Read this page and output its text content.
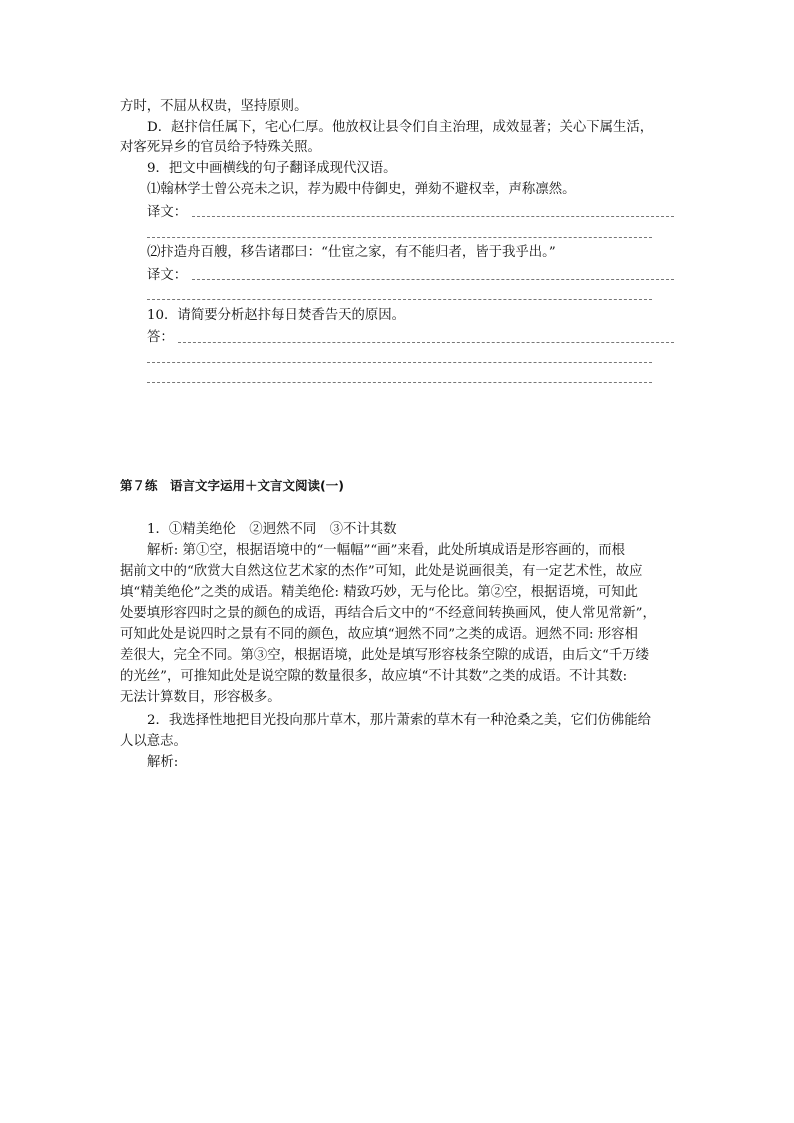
方时，不屈从权贵，坚持原则。
D．赵抃信任属下，宅心仁厚。他放权让县令们自主治理，成效显著；关心下属生活，
对客死异乡的官员给予特殊关照。
9．把文中画横线的句子翻译成现代汉语。
⑴翰林学士曾公亮未之识，荐为殿中侍御史，弹劾不避权幸，声称凛然。
译文：
⑵抃造舟百艘，移告诸郡曰：“仕宦之家，有不能归者，皆于我乎出。”
译文：
10．请简要分析赵抃每日焚香告天的原因。
答：
第７练　语言文字运用＋文言文阅读(一)
1．①精美绝伦　②迥然不同　③不计其数
解析: 第①空，根据语境中的“一幅幅”“画”来看，此处所填成语是形容画的，而根
据前文中的“欣赏大自然这位艺术家的杰作”可知，此处是说画很美，有一定艺术性，故应
填“精美绝伦”之类的成语。精美绝伦: 精致巧妙，无与伦比。第②空，根据语境，可知此
处要填形容四时之景的颜色的成语，再结合后文中的“不经意间转换画风，使人常见常新”，
可知此处是说四时之景有不同的颜色，故应填“迥然不同”之类的成语。迥然不同: 形容相
差很大，完全不同。第③空，根据语境，此处是填写形容枝条空隙的成语，由后文“千万缕
的光丝”，可推知此处是说空隙的数量很多，故应填“不计其数”之类的成语。不计其数:
无法计算数目，形容极多。
2．我选择性地把目光投向那片草木，那片萧索的草木有一种沧桑之美，它们仿佛能给
人以意志。
解析:
